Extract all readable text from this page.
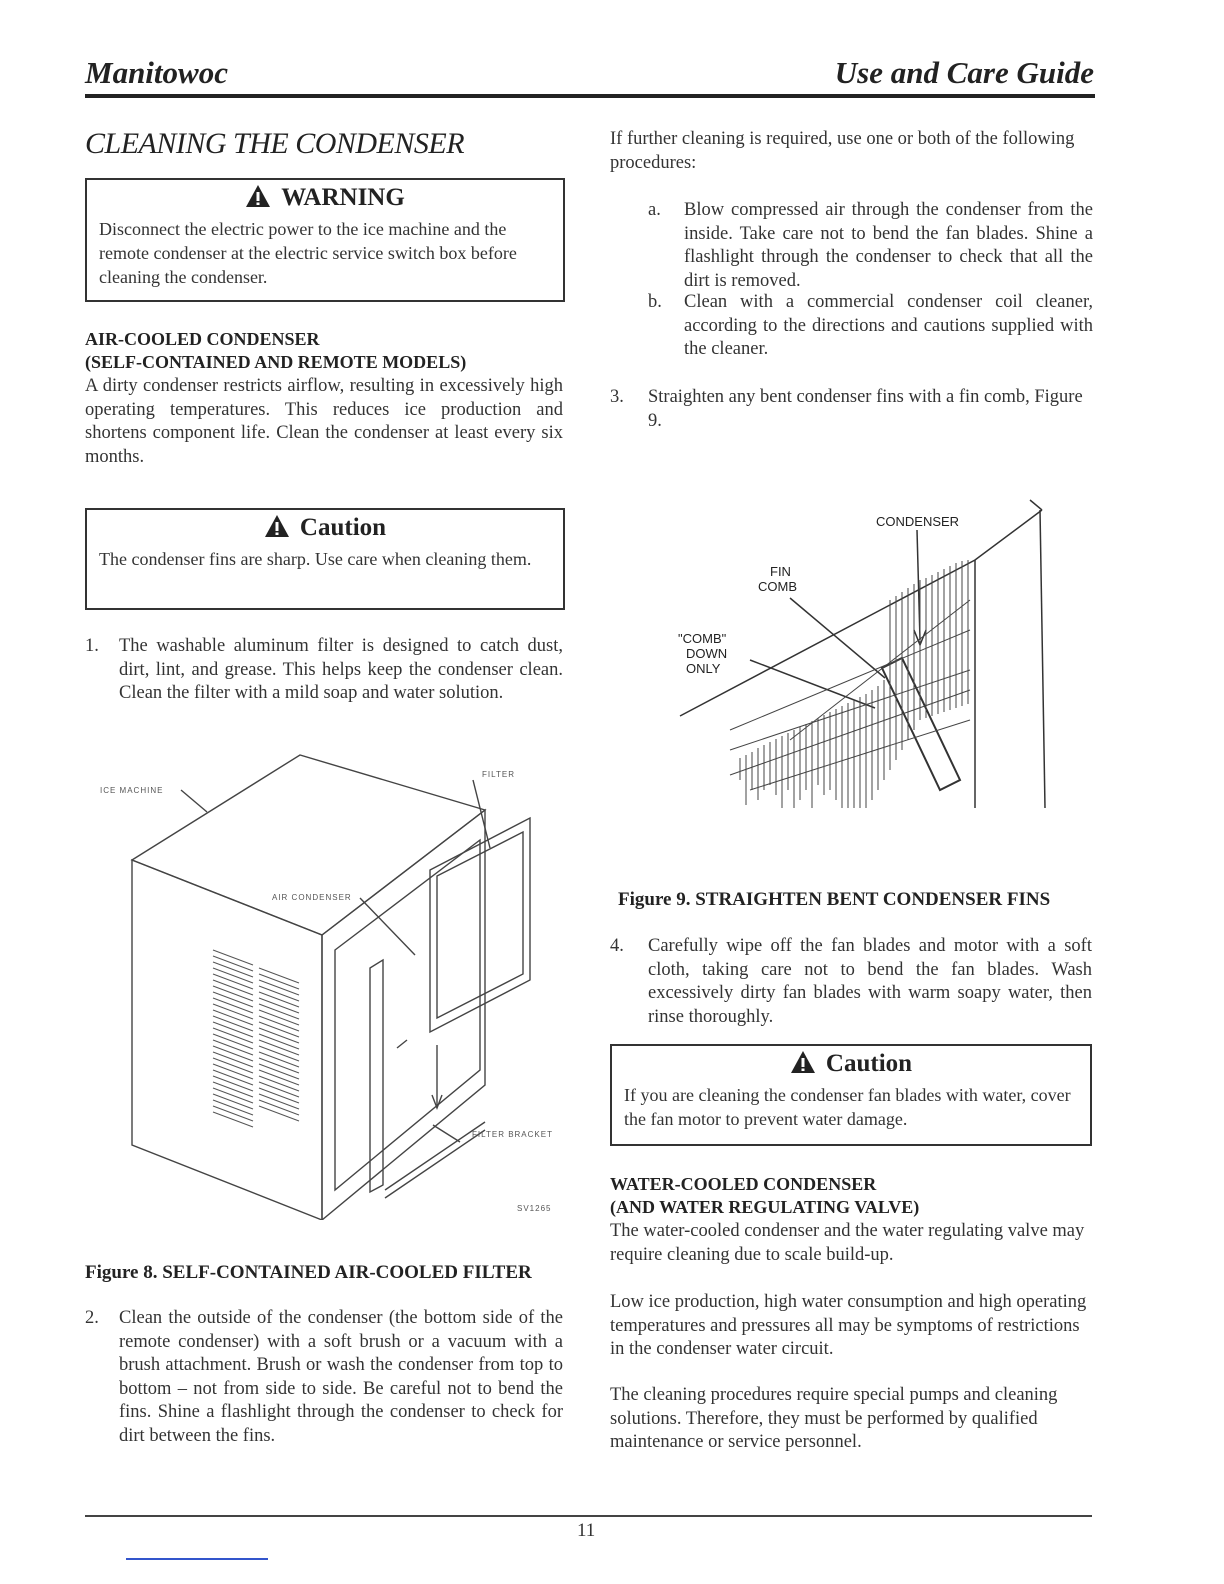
Manitowoc	Use and Care Guide
CLEANING THE CONDENSER
WARNING
Disconnect the electric power to the ice machine and the remote condenser at the electric service switch box before cleaning the condenser.
AIR-COOLED CONDENSER
(SELF-CONTAINED AND REMOTE MODELS)

A dirty condenser restricts airflow, resulting in excessively high operating temperatures. This reduces ice production and shortens component life. Clean the condenser at least every six months.

Caution
The condenser fins are sharp. Use care when cleaning them.
1. The washable aluminum filter is designed to catch dust, dirt, lint, and grease. This helps keep the condenser clean. Clean the filter with a mild soap and water solution.
ICE MACHINE
FILTER
AIR CONDENSER
FILTER BRACKET
SV1265
Figure 8. SELF-CONTAINED AIR-COOLED FILTER
2. Clean the outside of the condenser (the bottom side of the remote condenser) with a soft brush or a vacuum with a brush attachment. Brush or wash the condenser from top to bottom – not from side to side. Be careful not to bend the fins. Shine a flashlight through the condenser to check for dirt between the fins.

If further cleaning is required, use one or both of the following procedures:

a. Blow compressed air through the condenser from the inside. Take care not to bend the fan blades. Shine a flashlight through the condenser to check that all the dirt is removed.
b. Clean with a commercial condenser coil cleaner, according to the directions and cautions supplied with the cleaner.
3. Straighten any bent condenser fins with a fin comb, Figure 9.
CONDENSER
FIN
COMB
"COMB"
DOWN
ONLY
Figure 9. STRAIGHTEN BENT CONDENSER FINS
4. Carefully wipe off the fan blades and motor with a soft cloth, taking care not to bend the fan blades. Wash excessively dirty fan blades with warm soapy water, then rinse thoroughly.
Caution
If you are cleaning the condenser fan blades with water, cover the fan motor to prevent water damage.
WATER-COOLED CONDENSER
(AND WATER REGULATING VALVE)

The water-cooled condenser and the water regulating valve may require cleaning due to scale build-up.

Low ice production, high water consumption and high operating temperatures and pressures all may be symptoms of restrictions in the condenser water circuit.

The cleaning procedures require special pumps and cleaning solutions. Therefore, they must be performed by qualified maintenance or service personnel.

11
